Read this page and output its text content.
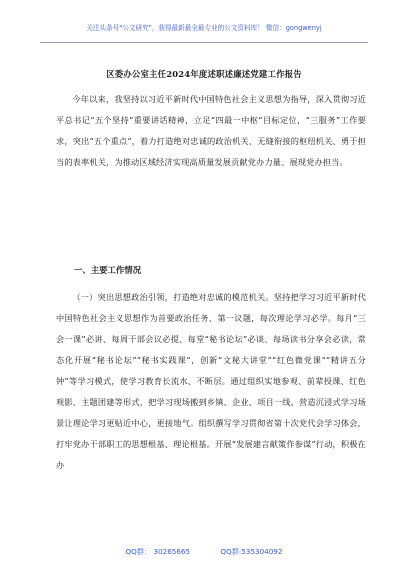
关注头条号"公文研究"，获得最新最全最专业的公文资料库！ 微信：gongwenyj
区委办公室主任2024年度述职述廉述党建工作报告
今年以来，我坚持以习近平新时代中国特色社会主义思想为指导，深入贯彻习近平总书记“五个坚持”重要讲话精神，立足“四最一中枢”目标定位，“三服务”工作要求，突出“五个重点”，着力打造绝对忠诚的政治机关、无缝衔接的枢纽机关、勇于担当的表率机关，为推动区域经济实现高质量发展贡献党办力量、展现党办担当。
一、主要工作情况
（一）突出思想政治引领，打造绝对忠诚的模范机关。坚持把学习习近平新时代中国特色社会主义思想作为首要政治任务、第一议题，每次理论学习必学。每月“三会一课”必讲、每周干部会议必提、每堂“秘书论坛”必谈、每场读书分享会必读，常态化开展“秘书论坛”“秘书实践课”，创新“文秘大讲堂”“红色微党课”“精讲五分钟”等学习模式，使学习教育长流水、不断层。通过组织实地参观、前辈授课、红色观影、主题团建等形式，把学习现场搬到乡镇、企业、项目一线，营造沉浸式学习场景让理论学习更贴近中心，更接地气。组织撰写学习贯彻省第十次党代会学习体会，打牢党办干部职工的思想根基、理论根基。开展“发展建言献策作参谋”行动，积极在办
QQ群： 30265665	QQ群:535304092
